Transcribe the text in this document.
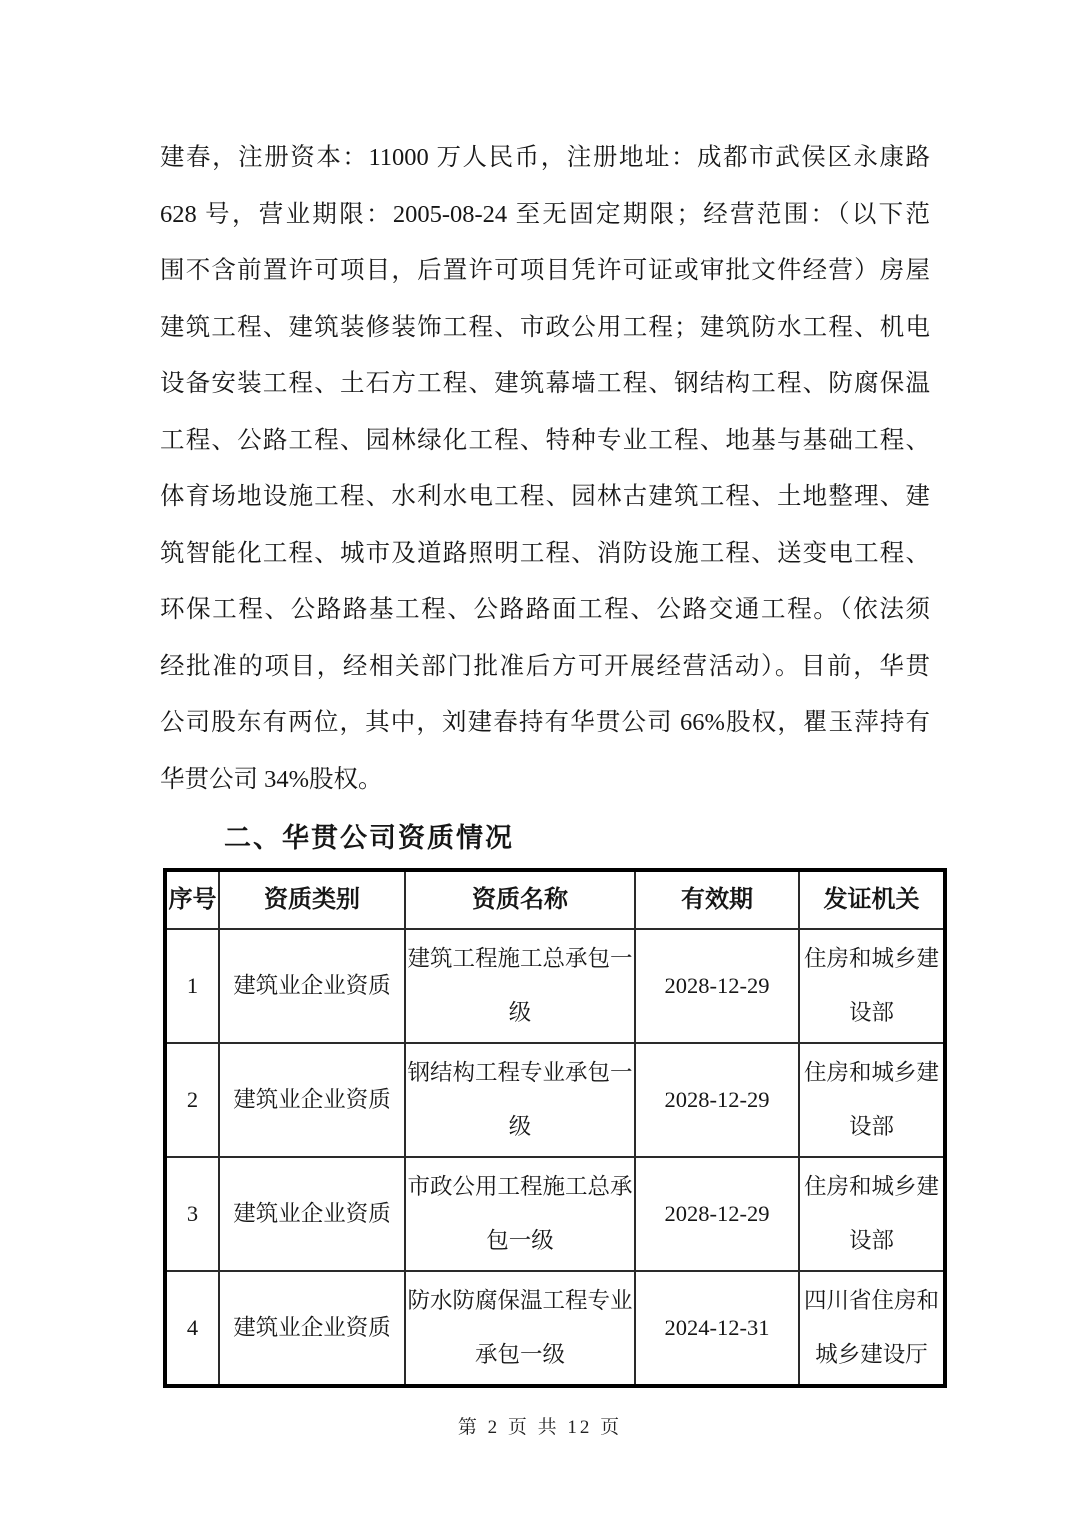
建春，注册资本：11000 万人民币，注册地址：成都市武侯区永康路
628 号，营业期限：2005-08-24 至无固定期限；经营范围：（以下范
围不含前置许可项目，后置许可项目凭许可证或审批文件经营）房屋
建筑工程、建筑装修装饰工程、市政公用工程；建筑防水工程、机电
设备安装工程、土石方工程、建筑幕墙工程、钢结构工程、防腐保温
工程、公路工程、园林绿化工程、特种专业工程、地基与基础工程、
体育场地设施工程、水利水电工程、园林古建筑工程、土地整理、建
筑智能化工程、城市及道路照明工程、消防设施工程、送变电工程、
环保工程、公路路基工程、公路路面工程、公路交通工程。（依法须
经批准的项目，经相关部门批准后方可开展经营活动）。目前，华贯
公司股东有两位，其中，刘建春持有华贯公司 66%股权，瞿玉萍持有
华贯公司 34%股权。
二、华贯公司资质情况
序号	资质类别	资质名称	有效期	发证机关
1	建筑业企业资质	建筑工程施工总承包一级	2028-12-29	住房和城乡建设部
2	建筑业企业资质	钢结构工程专业承包一级	2028-12-29	住房和城乡建设部
3	建筑业企业资质	市政公用工程施工总承包一级	2028-12-29	住房和城乡建设部
4	建筑业企业资质	防水防腐保温工程专业承包一级	2024-12-31	四川省住房和城乡建设厅
第 2 页 共 12 页
